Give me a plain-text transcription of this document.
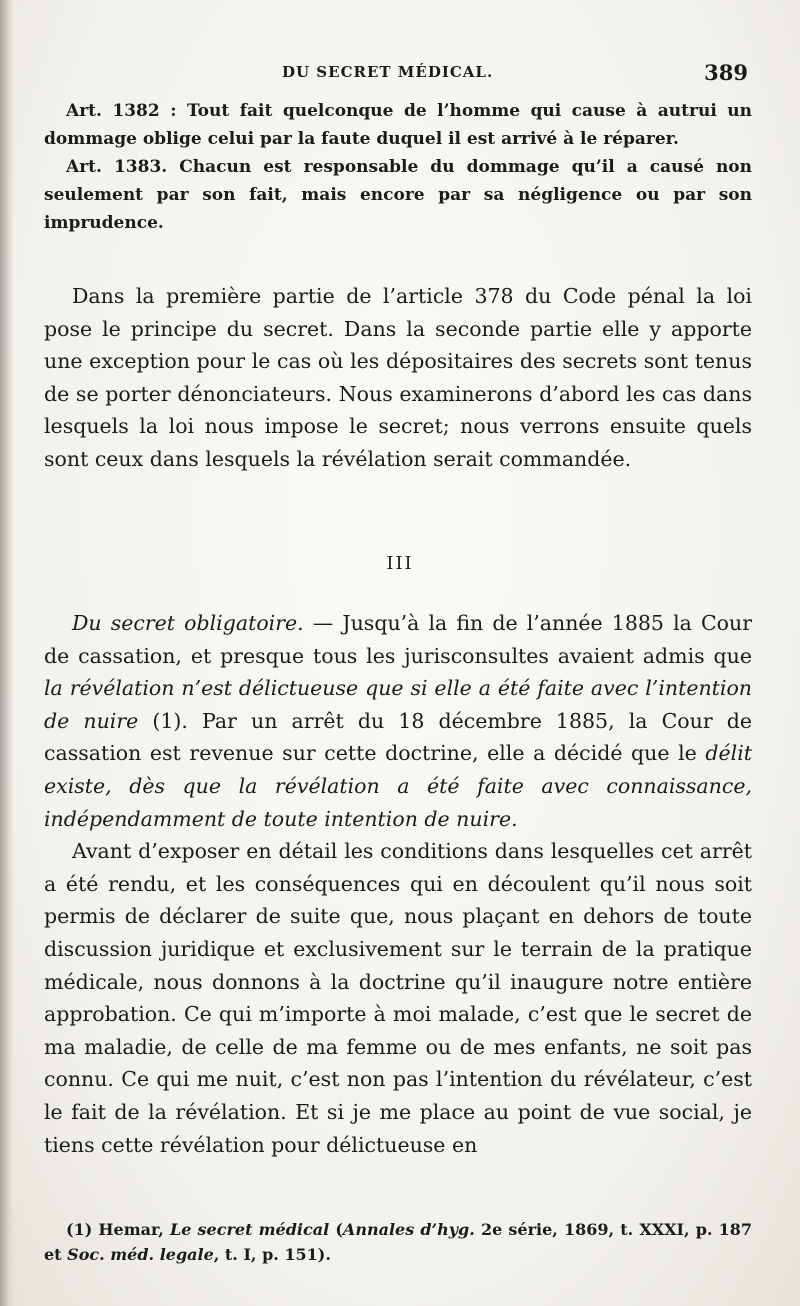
DU SECRET MÉDICAL.	389

Art. 1382 : Tout fait quelconque de l’homme qui cause à autrui un dommage oblige celui par la faute duquel il est arrivé à le réparer.

Art. 1383. Chacun est responsable du dommage qu’il a causé non seulement par son fait, mais encore par sa négligence ou par son imprudence.

Dans la première partie de l’article 378 du Code pénal la loi pose le principe du secret. Dans la seconde partie elle y apporte une exception pour le cas où les dépositaires des secrets sont tenus de se porter dénonciateurs. Nous examinerons d’abord les cas dans lesquels la loi nous impose le secret; nous verrons ensuite quels sont ceux dans lesquels la révélation serait commandée.

III

Du secret obligatoire. — Jusqu’à la fin de l’année 1885 la Cour de cassation, et presque tous les jurisconsultes avaient admis que la révélation n’est délictueuse que si elle a été faite avec l’intention de nuire (1). Par un arrêt du 18 décembre 1885, la Cour de cassation est revenue sur cette doctrine, elle a décidé que le délit existe, dès que la révélation a été faite avec connaissance, indépendamment de toute intention de nuire.

Avant d’exposer en détail les conditions dans lesquelles cet arrêt a été rendu, et les conséquences qui en découlent qu’il nous soit permis de déclarer de suite que, nous plaçant en dehors de toute discussion juridique et exclusivement sur le terrain de la pratique médicale, nous donnons à la doctrine qu’il inaugure notre entière approbation. Ce qui m’importe à moi malade, c’est que le secret de ma maladie, de celle de ma femme ou de mes enfants, ne soit pas connu. Ce qui me nuit, c’est non pas l’intention du révélateur, c’est le fait de la révélation. Et si je me place au point de vue social, je tiens cette révélation pour délictueuse en

(1) Hemar, Le secret médical (Annales d’hyg. 2e série, 1869, t. XXXI, p. 187 et Soc. méd. legale, t. I, p. 151).
